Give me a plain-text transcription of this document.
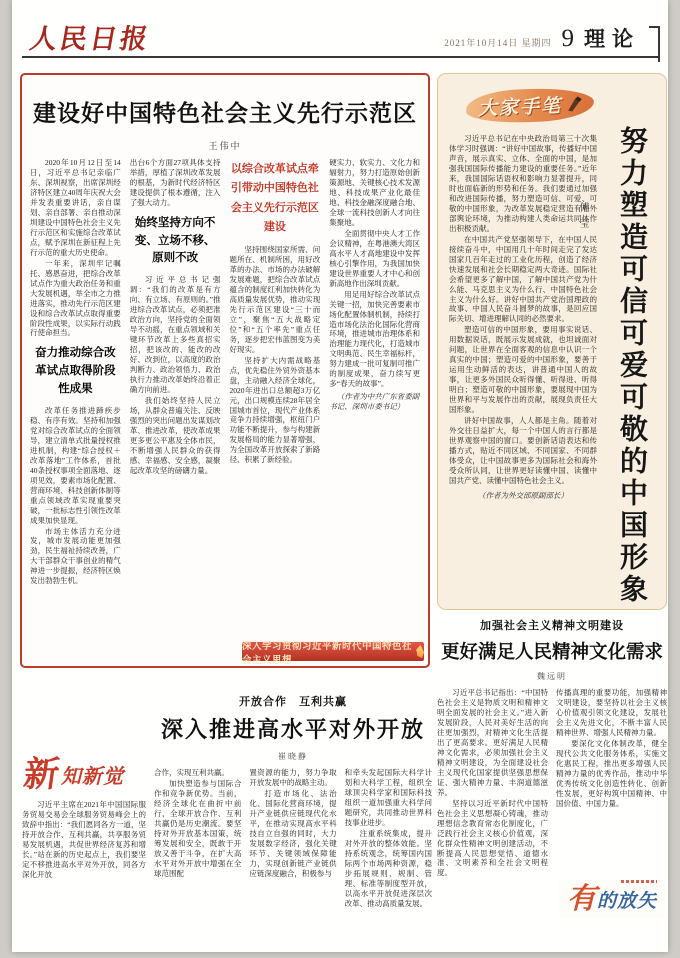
人民日报	2021年10月14日 星期四 9 理论
建设好中国特色社会主义先行示范区
王伟中

2020年10月12日至14日，习近平总书记亲临广东、深圳视察，出席深圳经济特区建立40周年庆祝大会并发表重要讲话，亲自谋划、亲自部署、亲自推动深圳建设中国特色社会主义先行示范区和实施综合改革试点，赋予深圳在新征程上先行示范的重大历史使命。

一年来，深圳牢记嘱托、感恩奋进，把综合改革试点作为重大政治任务和重大发展机遇，举全市之力推进落实，推动先行示范区建设和综合改革试点取得重要阶段性成果，以实际行动践行使命担当。

奋力推动综合改革试点取得阶段性成果

改革任务推进蹄疾步稳、有序有效。坚持和加强党对综合改革试点的全面领导，建立清单式批量授权推进机制，构建“综合授权＋改革落地”工作体系，首批40条授权事项全面落地、逐项见效，要素市场化配置、营商环境、科技创新体制等重点领域改革实现重要突破，一批标志性引领性改革成果加快显现。

市场主体活力充分迸发，城市发展动能更加强劲，民生福祉持续改善，广大干部群众干事创业的精气神进一步提振，经济特区焕发出勃勃生机。

出台6个方面27项具体支持举措，厚植了深圳改革发展的根基，为新时代经济特区建设提供了根本遵循，注入了强大动力。
始终坚持方向不变、立场不移、原则不改

习近平总书记强调：“我们的改革是有方向、有立场、有原则的。”推进综合改革试点，必须把准政治方向，坚持党的全面领导不动摇，在重点领域和关键环节改革上多些真招实招，把该改的、能改的改好、改到位，以高度的政治判断力、政治领悟力、政治执行力推动改革始终沿着正确方向前进。

我们始终坚持人民立场，从群众普遍关注、反映强烈的突出问题出发谋划改革、推进改革，使改革成果更多更公平惠及全体市民，不断增强人民群众的获得感、幸福感、安全感，凝聚起改革攻坚的磅礴力量。

以综合改革试点牵引带动中国特色社会主义先行示范区建设

坚持围绕国家所需、问题所在、机制所困，用好改革的办法、市场的办法破解发展难题，把综合改革试点蕴含的制度红利加快转化为高质量发展优势，推动实现先行示范区建设“三十而立”，聚焦“五大战略定位”和“五个率先”重点任务，逐步把宏伟蓝图变为美好现实。

坚持扩大内需战略基点，优先稳住外贸外资基本盘，主动融入经济全球化，2020年进出口总额超3万亿元，出口规模连续28年居全国城市首位，现代产业体系竞争力持续增强，枢纽门户功能不断提升，参与构建新发展格局的能力显著增强，为全国改革开放探索了新路径、积累了新经验。

硬实力、软实力、文化力和辐射力，努力打造原始创新策源地、关键核心技术发源地、科技成果产业化最佳地、科技金融深度融合地、全球一流科技创新人才向往集聚地。

全面贯彻中央人才工作会议精神，在粤港澳大湾区高水平人才高地建设中发挥核心引擎作用，为我国加快建设世界重要人才中心和创新高地作出深圳贡献。

用足用好综合改革试点关键一招，加快完善要素市场化配置体制机制，持续打造市场化法治化国际化营商环境，推进城市治理体系和治理能力现代化，打造城市文明典范、民生幸福标杆，努力建成一批可复制可推广的制度成果，奋力续写更多“春天的故事”。

（作者为中共广东省委副书记、深圳市委书记）
深入学习贯彻习近平新时代中国特色社会主义思想
大家手笔
傅莹 努力塑造可信可爱可敬的中国形象

习近平总书记在中央政治局第三十次集体学习时强调：“讲好中国故事，传播好中国声音，展示真实、立体、全面的中国，是加强我国国际传播能力建设的重要任务。”近年来，我国国际话语权和影响力显著提升，同时也面临新的形势和任务。我们要通过加强和改进国际传播，努力塑造可信、可爱、可敬的中国形象，为改革发展稳定营造有利外部舆论环境，为推动构建人类命运共同体作出积极贡献。

在中国共产党坚强领导下，在中国人民接续奋斗中，中国用几十年时间走完了发达国家几百年走过的工业化历程，创造了经济快速发展和社会长期稳定两大奇迹。国际社会希望更多了解中国，了解中国共产党为什么能、马克思主义为什么行、中国特色社会主义为什么好。讲好中国共产党治国理政的故事、中国人民奋斗圆梦的故事，是回应国际关切、增进理解认同的必然要求。

塑造可信的中国形象，要用事实说话、用数据说话，既展示发展成就，也坦诚面对问题，让世界在全面客观的信息中认识一个真实的中国；塑造可爱的中国形象，要善于运用生动鲜活的表达，讲普通中国人的故事，让更多外国民众听得懂、听得进、听得明白；塑造可敬的中国形象，要展现中国为世界和平与发展作出的贡献，展现负责任大国形象。

讲好中国故事，人人都是主角。随着对外交往日益扩大，每一个中国人的言行都是世界观察中国的窗口。要创新话语表达和传播方式，贴近不同区域、不同国家、不同群体受众，让中国故事更多为国际社会和海外受众所认同，让世界更好读懂中国、读懂中国共产党、读懂中国特色社会主义。

（作者为外交部原副部长）
加强社会主义精神文明建设
更好满足人民精神文化需求
魏远明

习近平总书记指出：“中国特色社会主义是物质文明和精神文明全面发展的社会主义。”进入新发展阶段，人民对美好生活的向往更加强烈，对精神文化生活提出了更高要求。更好满足人民精神文化需求，必须加强社会主义精神文明建设，为全面建设社会主义现代化国家提供坚强思想保证、强大精神力量、丰润道德滋养。

坚持以习近平新时代中国特色社会主义思想凝心铸魂，推动理想信念教育常态化制度化，广泛践行社会主义核心价值观，深化群众性精神文明创建活动，不断提高人民思想觉悟、道德水准、文明素养和全社会文明程度。

传播真理的重要功能，加强精神文明建设，要坚持以社会主义核心价值观引领文化建设，发展社会主义先进文化，不断丰富人民精神世界、增强人民精神力量。

要深化文化体制改革，健全现代公共文化服务体系，实施文化惠民工程，推出更多增强人民精神力量的优秀作品，推动中华优秀传统文化创造性转化、创新性发展，更好构筑中国精神、中国价值、中国力量。

有 的放矢
新 知新觉

习近平主席在2021年中国国际服务贸易交易会全球服务贸易峰会上的致辞中指出：“我们愿同各方一道，坚持开放合作、互利共赢，共享服务贸易发展机遇，共促世界经济复苏和增长。”站在新的历史起点上，我们要坚定不移推进高水平对外开放，同各方深化开放

开放合作　互利共赢
深入推进高水平对外开放
崔晓静
合作，实现互利共赢。

加快塑造参与国际合作和竞争新优势。当前，经济全球化在曲折中前行，全球开放合作、互利共赢仍是历史潮流。要坚持对外开放基本国策，统筹发展和安全，既敢于开放又善于斗争，在扩大高水平对外开放中增强在全球范围配

置资源的能力，努力争取开放发展中的战略主动。

打造市场化、法治化、国际化营商环境，提升产业链供应链现代化水平，在推动实现高水平科技自立自强的同时，大力发展数字经济，强化关键环节、关键领域保障能力，实现创新链产业链供应链深度融合，积极参与

和牵头发起国际大科学计划和大科学工程，组织全球顶尖科学家和国际科技组织一道加强重大科学问题研究，共同推动世界科技事业进步。

注重系统集成，提升对外开放的整体效能。坚持系统观念，统筹国内国际两个市场两种资源，稳步拓展规则、规制、管理、标准等制度型开放，以高水平开放促进深层次改革、推动高质量发展。
